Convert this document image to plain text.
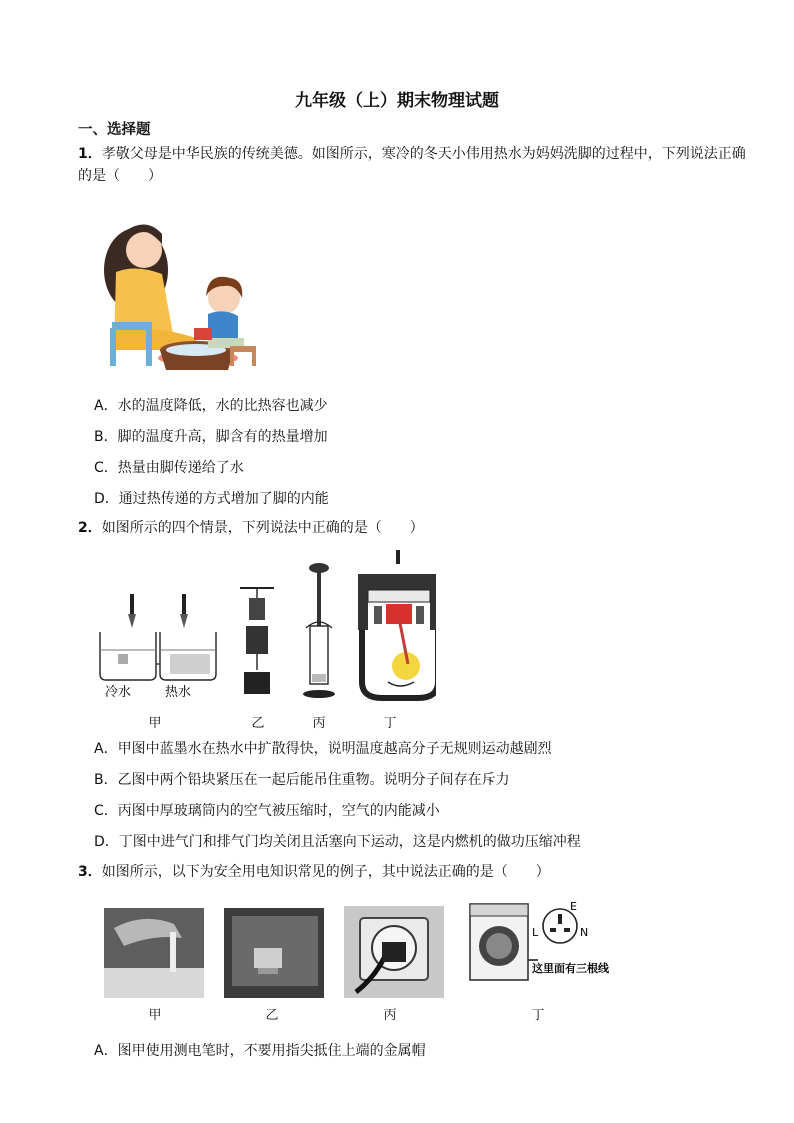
九年级（上）期末物理试题
一、选择题
1．孝敬父母是中华民族的传统美德。如图所示，寒冷的冬天小伟用热水为妈妈洗脚的过程中，下列说法正确的是（　　）
A．水的温度降低，水的比热容也减少
B．脚的温度升高，脚含有的热量增加
C．热量由脚传递给了水
D．通过热传递的方式增加了脚的内能
2．如图所示的四个情景，下列说法中正确的是（　　）
冷水	热水
甲	乙	丙	丁
A．甲图中蓝墨水在热水中扩散得快，说明温度越高分子无规则运动越剧烈
B．乙图中两个铅块紧压在一起后能吊住重物。说明分子间存在斥力
C．丙图中厚玻璃筒内的空气被压缩时，空气的内能减小
D．丁图中进气门和排气门均关闭且活塞向下运动，这是内燃机的做功压缩冲程
3．如图所示，以下为安全用电知识常见的例子，其中说法正确的是（　　）
E
L	N
这里面有三根线
甲	乙	丙	丁
A．图甲使用测电笔时，不要用指尖抵住上端的金属帽
